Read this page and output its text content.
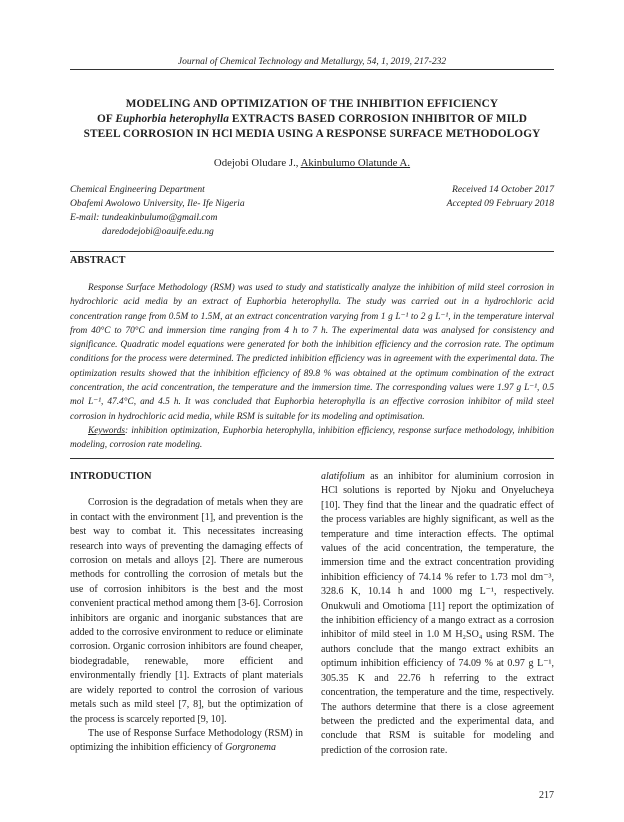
Journal of Chemical Technology and Metallurgy, 54, 1, 2019, 217-232
MODELING AND OPTIMIZATION OF THE INHIBITION EFFICIENCY
OF Euphorbia heterophylla EXTRACTS BASED CORROSION INHIBITOR OF MILD
STEEL CORROSION IN HCl MEDIA USING A RESPONSE SURFACE METHODOLOGY
Odejobi Oludare J., Akinbulumo Olatunde A.
Chemical Engineering Department
Obafemi Awolowo University, Ile- Ife Nigeria
E-mail: tundeakinbulumo@gmail.com
daredodejobi@oauife.edu.ng
Received 14 October 2017
Accepted 09 February 2018
ABSTRACT

Response Surface Methodology (RSM) was used to study and statistically analyze the inhibition of mild steel corrosion in hydrochloric acid media by an extract of Euphorbia heterophylla. The study was carried out in a hydrochloric acid concentration range from 0.5M to 1.5M, at an extract concentration varying from 1 g L⁻¹ to 2 g L⁻¹, in the temperature interval from 40°C to 70°C and immersion time ranging from 4 h to 7 h. The experimental data was analysed for consistency and significance. Quadratic model equations were generated for both the inhibition efficiency and the corrosion rate. The optimum conditions for the process were determined. The predicted inhibition efficiency was in agreement with the experimental data. The optimization results showed that the inhibition efficiency of 89.8 % was obtained at the optimum combination of the extract concentration, the acid concentration, the temperature and the immersion time. The corresponding values were 1.97 g L⁻¹, 0.5 mol L⁻¹, 47.4°C, and 4.5 h. It was concluded that Euphorbia heterophylla is an effective corrosion inhibitor of mild steel corrosion in hydrochloric acid media, while RSM is suitable for its modeling and optimisation.

Keywords: inhibition optimization, Euphorbia heterophylla, inhibition efficiency, response surface methodology, inhibition modeling, corrosion rate modeling.

INTRODUCTION

Corrosion is the degradation of metals when they are in contact with the environment [1], and prevention is the best way to combat it. This necessitates increasing research into ways of preventing the damaging effects of corrosion on metals and alloys [2]. There are numerous methods for controlling the corrosion of metals but the use of corrosion inhibitors is the best and the most convenient practical method among them [3-6]. Corrosion inhibitors are organic and inorganic substances that are added to the corrosive environment to reduce or eliminate corrosion. Organic corrosion inhibitors are found cheaper, biodegradable, renewable, more efficient and environmentally friendly [1]. Extracts of plant materials are widely reported to control the corrosion of various metals such as mild steel [7, 8], but the optimization of the process is scarcely reported [9, 10].

The use of Response Surface Methodology (RSM) in optimizing the inhibition efficiency of Gorgronema

alatifolium as an inhibitor for aluminium corrosion in HCl solutions is reported by Njoku and Onyelucheya [10]. They find that the linear and the quadratic effect of the process variables are highly significant, as well as the temperature and time interaction effects. The optimal values of the acid concentration, the temperature, the immersion time and the extract concentration providing inhibition efficiency of 74.14 % refer to 1.73 mol dm⁻³, 328.6 K, 10.14 h and 1000 mg L⁻¹, respectively. Onukwuli and Omotioma [11] report the optimization of the inhibition efficiency of a mango extract as a corrosion inhibitor of mild steel in 1.0 M H₂SO₄ using RSM. The authors conclude that the mango extract exhibits an optimum inhibition efficiency of 74.09 % at 0.97 g L⁻¹, 305.35 K and 22.76 h referring to the extract concentration, the temperature and the time, respectively. The authors determine that there is a close agreement between the predicted and the experimental data, and conclude that RSM is suitable for modeling and prediction of the corrosion rate.

217
